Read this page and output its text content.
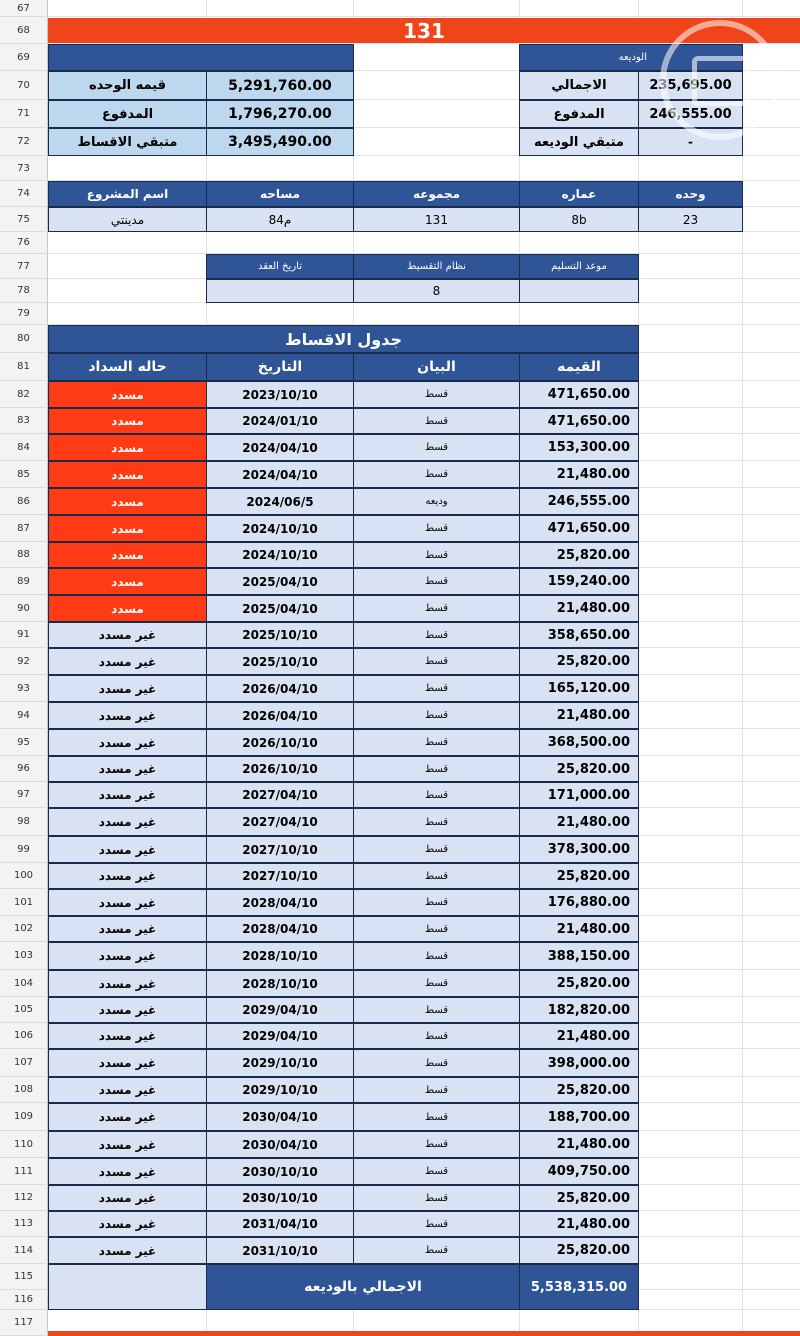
67
68
69
70
71
72
73
74
75
76
77
78
79
80
81
82
83
84
85
86
87
88
89
90
91
92
93
94
95
96
97
98
99
100
101
102
103
104
105
106
107
108
109
110
111
112
113
114
115
116
117
131
5,291,760.00
قيمه الوحده
1,796,270.00
المدفوع
3,495,490.00
متبقي الاقساط
الوديعه
235,695.00
الاجمالي
246,555.00
المدفوع
-
متبقي الوديعه
وحده
23
عماره
8b
مجموعه
131
مساحه
84م
اسم المشروع
مدينتي
موعد التسليم
نظام التقسيط
8
تاريخ العقد
جدول الاقساط
القيمه
البيان
التاريخ
حاله السداد
471,650.00
قسط
2023/10/10
مسدد
471,650.00
قسط
2024/01/10
مسدد
153,300.00
قسط
2024/04/10
مسدد
21,480.00
قسط
2024/04/10
مسدد
246,555.00
وديعه
2024/06/5
مسدد
471,650.00
قسط
2024/10/10
مسدد
25,820.00
قسط
2024/10/10
مسدد
159,240.00
قسط
2025/04/10
مسدد
21,480.00
قسط
2025/04/10
مسدد
358,650.00
قسط
2025/10/10
غير مسدد
25,820.00
قسط
2025/10/10
غير مسدد
165,120.00
قسط
2026/04/10
غير مسدد
21,480.00
قسط
2026/04/10
غير مسدد
368,500.00
قسط
2026/10/10
غير مسدد
25,820.00
قسط
2026/10/10
غير مسدد
171,000.00
قسط
2027/04/10
غير مسدد
21,480.00
قسط
2027/04/10
غير مسدد
378,300.00
قسط
2027/10/10
غير مسدد
25,820.00
قسط
2027/10/10
غير مسدد
176,880.00
قسط
2028/04/10
غير مسدد
21,480.00
قسط
2028/04/10
غير مسدد
388,150.00
قسط
2028/10/10
غير مسدد
25,820.00
قسط
2028/10/10
غير مسدد
182,820.00
قسط
2029/04/10
غير مسدد
21,480.00
قسط
2029/04/10
غير مسدد
398,000.00
قسط
2029/10/10
غير مسدد
25,820.00
قسط
2029/10/10
غير مسدد
188,700.00
قسط
2030/04/10
غير مسدد
21,480.00
قسط
2030/04/10
غير مسدد
409,750.00
قسط
2030/10/10
غير مسدد
25,820.00
قسط
2030/10/10
غير مسدد
21,480.00
قسط
2031/04/10
غير مسدد
25,820.00
قسط
2031/10/10
غير مسدد
الاجمالي بالوديعه	5,538,315.00
